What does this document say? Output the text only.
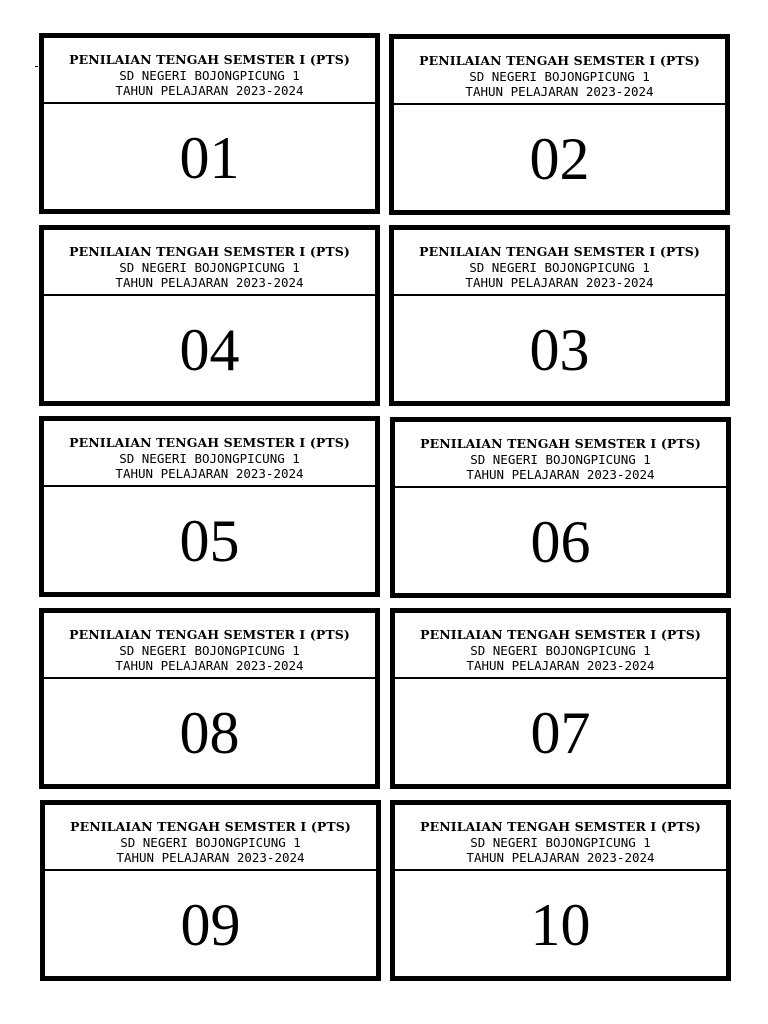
PENILAIAN TENGAH SEMSTER I (PTS)
SD NEGERI BOJONGPICUNG 1
TAHUN PELAJARAN 2023-2024
01
PENILAIAN TENGAH SEMSTER I (PTS)
SD NEGERI BOJONGPICUNG 1
TAHUN PELAJARAN 2023-2024
02
PENILAIAN TENGAH SEMSTER I (PTS)
SD NEGERI BOJONGPICUNG 1
TAHUN PELAJARAN 2023-2024
04
PENILAIAN TENGAH SEMSTER I (PTS)
SD NEGERI BOJONGPICUNG 1
TAHUN PELAJARAN 2023-2024
03
PENILAIAN TENGAH SEMSTER I (PTS)
SD NEGERI BOJONGPICUNG 1
TAHUN PELAJARAN 2023-2024
05
PENILAIAN TENGAH SEMSTER I (PTS)
SD NEGERI BOJONGPICUNG 1
TAHUN PELAJARAN 2023-2024
06
PENILAIAN TENGAH SEMSTER I (PTS)
SD NEGERI BOJONGPICUNG 1
TAHUN PELAJARAN 2023-2024
08
PENILAIAN TENGAH SEMSTER I (PTS)
SD NEGERI BOJONGPICUNG 1
TAHUN PELAJARAN 2023-2024
07
PENILAIAN TENGAH SEMSTER I (PTS)
SD NEGERI BOJONGPICUNG 1
TAHUN PELAJARAN 2023-2024
09
PENILAIAN TENGAH SEMSTER I (PTS)
SD NEGERI BOJONGPICUNG 1
TAHUN PELAJARAN 2023-2024
10
